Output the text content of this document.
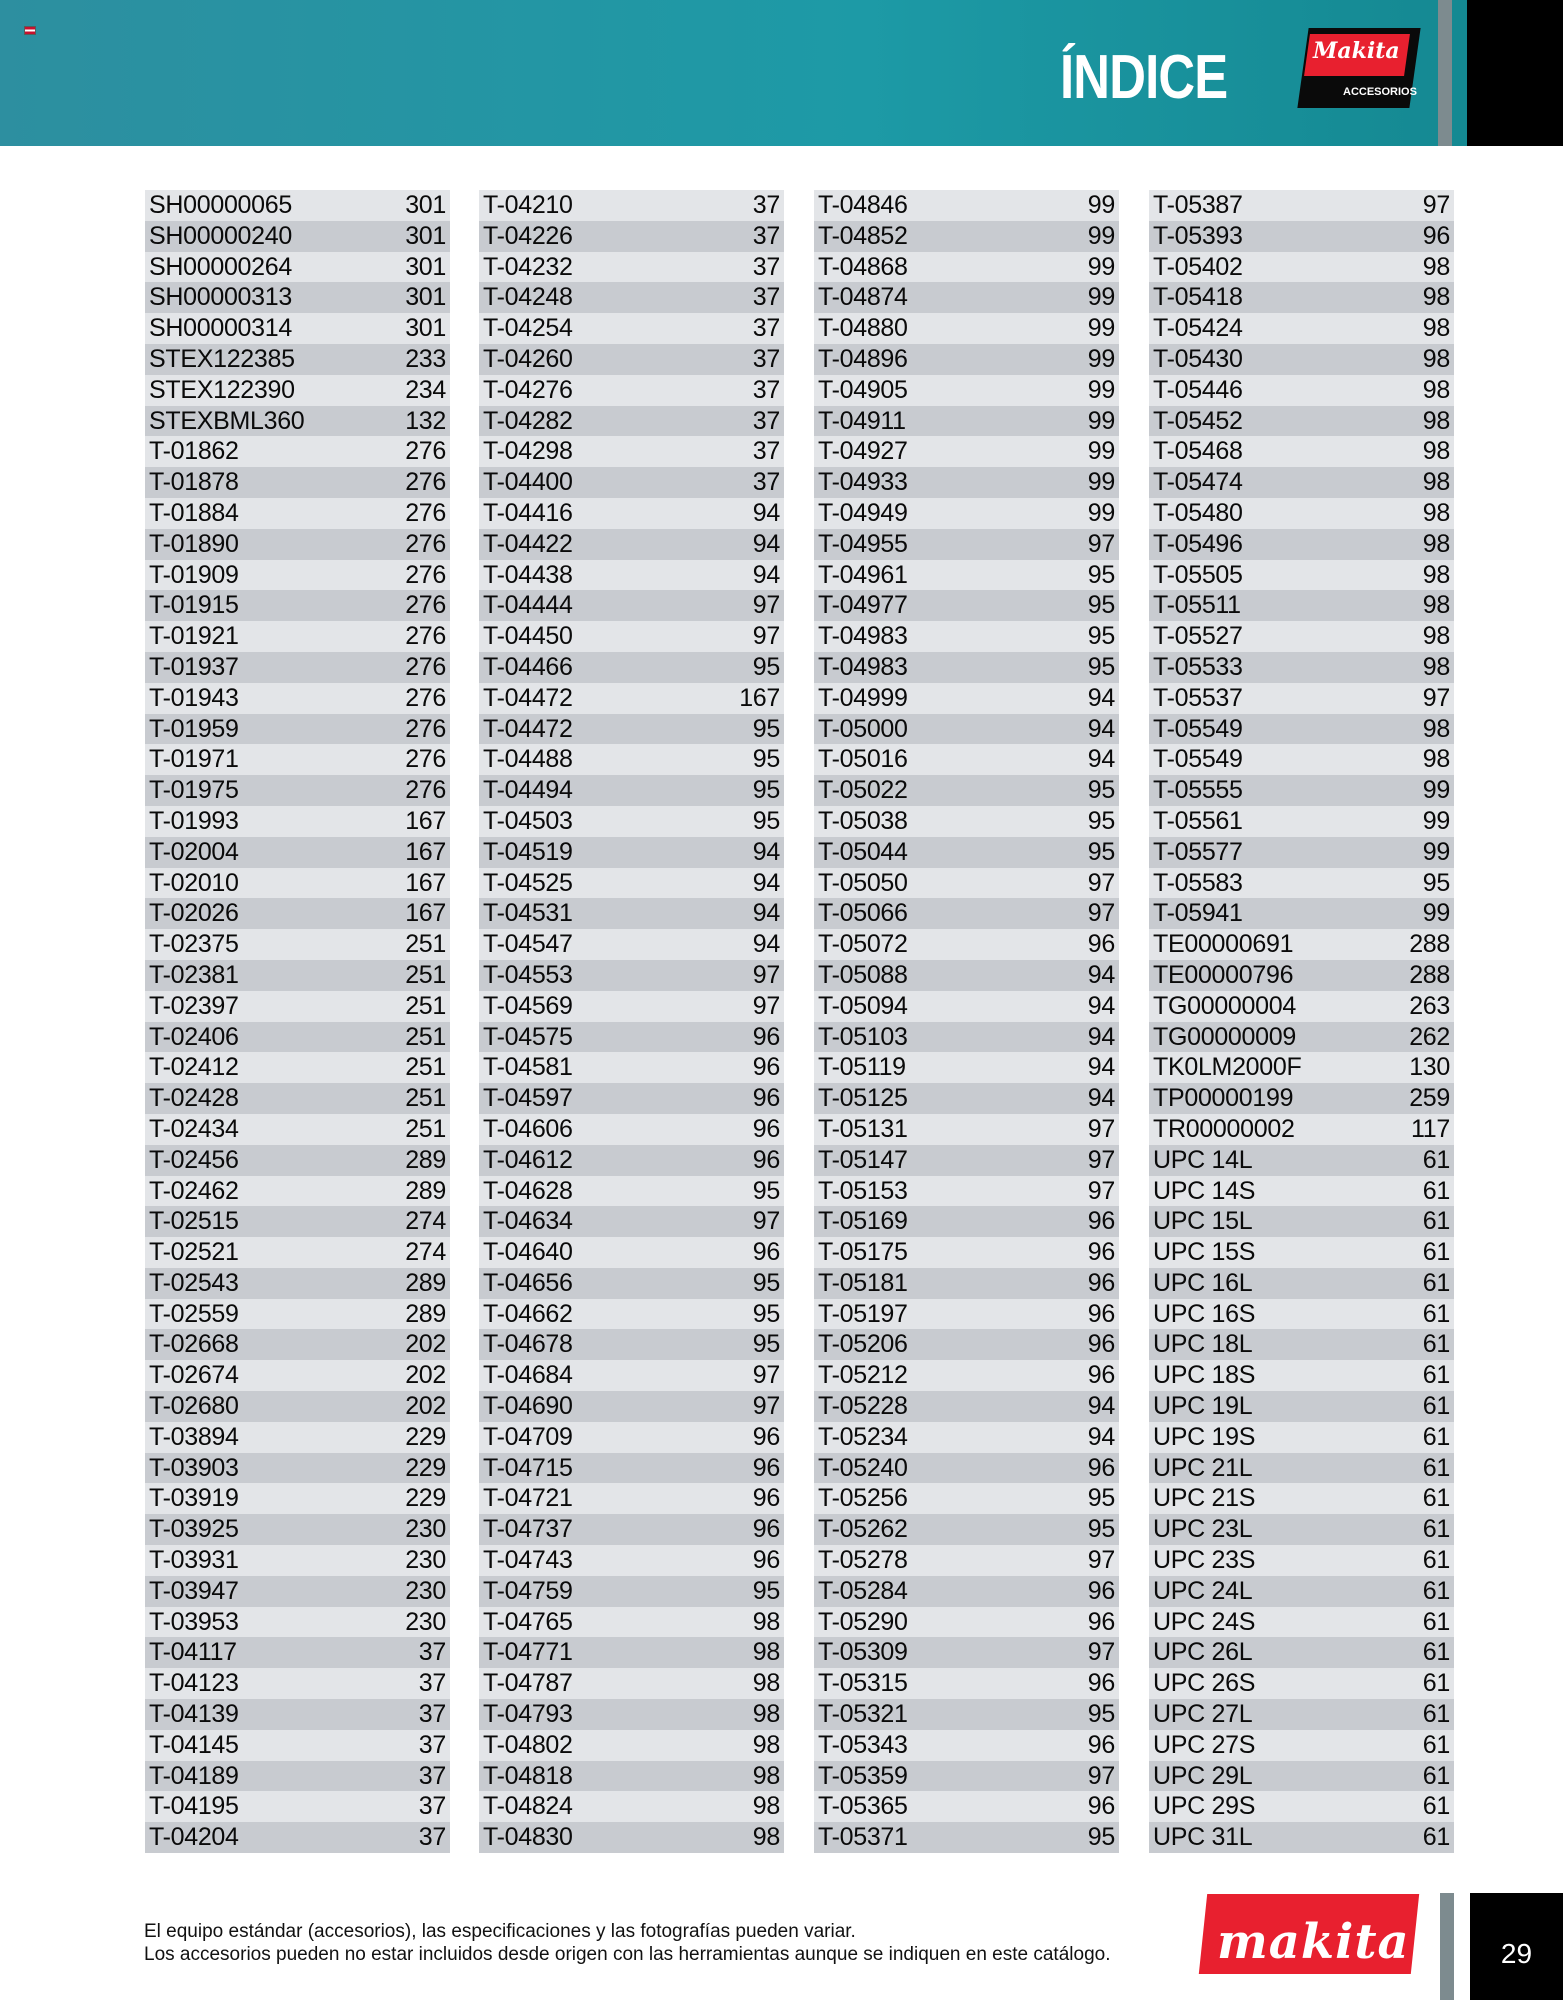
ÍNDICE	Makita
ACCESORIOS
SH00000065	301
SH00000240	301
SH00000264	301
SH00000313	301
SH00000314	301
STEX122385	233
STEX122390	234
STEXBML360	132
T-01862	276
T-01878	276
T-01884	276
T-01890	276
T-01909	276
T-01915	276
T-01921	276
T-01937	276
T-01943	276
T-01959	276
T-01971	276
T-01975	276
T-01993	167
T-02004	167
T-02010	167
T-02026	167
T-02375	251
T-02381	251
T-02397	251
T-02406	251
T-02412	251
T-02428	251
T-02434	251
T-02456	289
T-02462	289
T-02515	274
T-02521	274
T-02543	289
T-02559	289
T-02668	202
T-02674	202
T-02680	202
T-03894	229
T-03903	229
T-03919	229
T-03925	230
T-03931	230
T-03947	230
T-03953	230
T-04117	37
T-04123	37
T-04139	37
T-04145	37
T-04189	37
T-04195	37
T-04204	37
T-04210	37
T-04226	37
T-04232	37
T-04248	37
T-04254	37
T-04260	37
T-04276	37
T-04282	37
T-04298	37
T-04400	37
T-04416	94
T-04422	94
T-04438	94
T-04444	97
T-04450	97
T-04466	95
T-04472	167
T-04472	95
T-04488	95
T-04494	95
T-04503	95
T-04519	94
T-04525	94
T-04531	94
T-04547	94
T-04553	97
T-04569	97
T-04575	96
T-04581	96
T-04597	96
T-04606	96
T-04612	96
T-04628	95
T-04634	97
T-04640	96
T-04656	95
T-04662	95
T-04678	95
T-04684	97
T-04690	97
T-04709	96
T-04715	96
T-04721	96
T-04737	96
T-04743	96
T-04759	95
T-04765	98
T-04771	98
T-04787	98
T-04793	98
T-04802	98
T-04818	98
T-04824	98
T-04830	98
T-04846	99
T-04852	99
T-04868	99
T-04874	99
T-04880	99
T-04896	99
T-04905	99
T-04911	99
T-04927	99
T-04933	99
T-04949	99
T-04955	97
T-04961	95
T-04977	95
T-04983	95
T-04983	95
T-04999	94
T-05000	94
T-05016	94
T-05022	95
T-05038	95
T-05044	95
T-05050	97
T-05066	97
T-05072	96
T-05088	94
T-05094	94
T-05103	94
T-05119	94
T-05125	94
T-05131	97
T-05147	97
T-05153	97
T-05169	96
T-05175	96
T-05181	96
T-05197	96
T-05206	96
T-05212	96
T-05228	94
T-05234	94
T-05240	96
T-05256	95
T-05262	95
T-05278	97
T-05284	96
T-05290	96
T-05309	97
T-05315	96
T-05321	95
T-05343	96
T-05359	97
T-05365	96
T-05371	95
T-05387	97
T-05393	96
T-05402	98
T-05418	98
T-05424	98
T-05430	98
T-05446	98
T-05452	98
T-05468	98
T-05474	98
T-05480	98
T-05496	98
T-05505	98
T-05511	98
T-05527	98
T-05533	98
T-05537	97
T-05549	98
T-05549	98
T-05555	99
T-05561	99
T-05577	99
T-05583	95
T-05941	99
TE00000691	288
TE00000796	288
TG00000004	263
TG00000009	262
TK0LM2000F	130
TP00000199	259
TR00000002	117
UPC 14L	61
UPC 14S	61
UPC 15L	61
UPC 15S	61
UPC 16L	61
UPC 16S	61
UPC 18L	61
UPC 18S	61
UPC 19L	61
UPC 19S	61
UPC 21L	61
UPC 21S	61
UPC 23L	61
UPC 23S	61
UPC 24L	61
UPC 24S	61
UPC 26L	61
UPC 26S	61
UPC 27L	61
UPC 27S	61
UPC 29L	61
UPC 29S	61
UPC 31L	61
El equipo estándar (accesorios), las especificaciones y las fotografías pueden variar.
Los accesorios pueden no estar incluidos desde origen con las herramientas aunque se indiquen en este catálogo. makita	29
